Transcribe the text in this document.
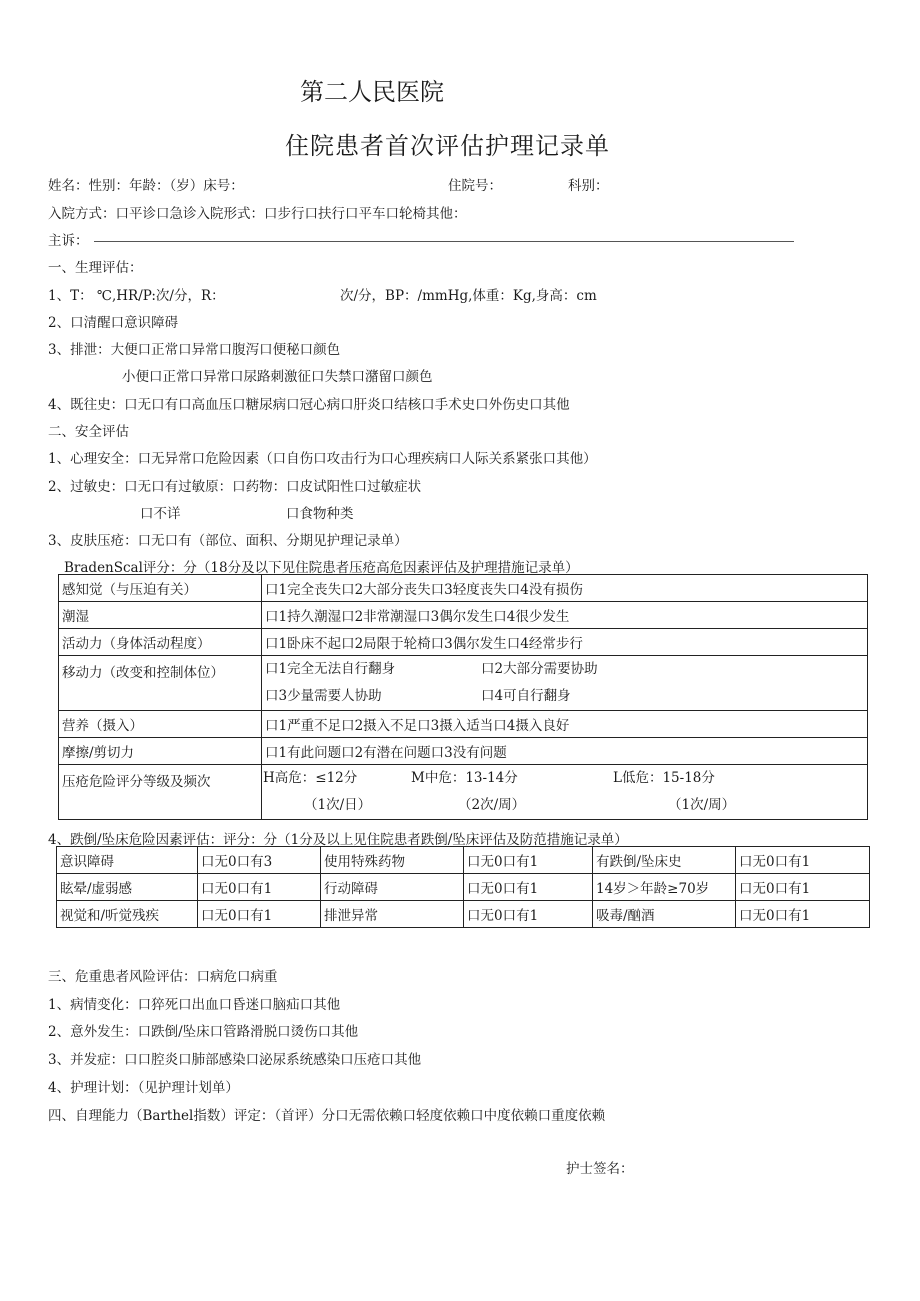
第二人民医院
住院患者首次评估护理记录单
姓名：性别：年龄：（岁）床号：	住院号：	科别：
入院方式：口平诊口急诊入院形式：口步行口扶行口平车口轮椅其他：
主诉：
一、生理评估：
1、T： ℃,HR/P:次/分，R：	次/分，BP：/mmHg,体重：Kg,身高：cm
2、口清醒口意识障碍
3、排泄：大便口正常口异常口腹泻口便秘口颜色
小便口正常口异常口尿路刺激征口失禁口潴留口颜色
4、既往史：口无口有口高血压口糖尿病口冠心病口肝炎口结核口手术史口外伤史口其他
二、安全评估
1、心理安全：口无异常口危险因素（口自伤口攻击行为口心理疾病口人际关系紧张口其他）
2、过敏史：口无口有过敏原：口药物：口皮试阳性口过敏症状
口不详	口食物种类
3、皮肤压疮：口无口有（部位、面积、分期见护理记录单）
BradenScal评分：分（18分及以下见住院患者压疮高危因素评估及护理措施记录单）
感知觉（与压迫有关）	口1完全丧失口2大部分丧失口3轻度丧失口4没有损伤
潮湿	口1持久潮湿口2非常潮湿口3偶尔发生口4很少发生
活动力（身体活动程度）	口1卧床不起口2局限于轮椅口3偶尔发生口4经常步行
移动力（改变和控制体位）	口1完全无法自行翻身 口2大部分需要协助
口3少量需要人协助 口4可自行翻身

营养（摄入）	口1严重不足口2摄入不足口3摄入适当口4摄入良好
摩擦/剪切力	口1有此问题口2有潜在问题口3没有问题
压疮危险评分等级及频次	H高危：≤12分 M中危：13-14分 L低危：15-18分
（1次/日） （2次/周） （1次/周）
4、跌倒/坠床危险因素评估：评分：分（1分及以上见住院患者跌倒/坠床评估及防范措施记录单）
意识障碍	口无0口有3	使用特殊药物	口无0口有1	有跌倒/坠床史	口无0口有1
眩晕/虚弱感	口无0口有1	行动障碍	口无0口有1	14岁＞年龄≥70岁	口无0口有1
视觉和/听觉残疾	口无0口有1	排泄异常	口无0口有1	吸毒/酗酒	口无0口有1
三、危重患者风险评估：口病危口病重
1、病情变化：口猝死口出血口昏迷口脑疝口其他
2、意外发生：口跌倒/坠床口管路滑脱口烫伤口其他
3、并发症：口口腔炎口肺部感染口泌尿系统感染口压疮口其他
4、护理计划：（见护理计划单）
四、自理能力（Barthel指数）评定：（首评）分口无需依赖口轻度依赖口中度依赖口重度依赖
护士签名：
